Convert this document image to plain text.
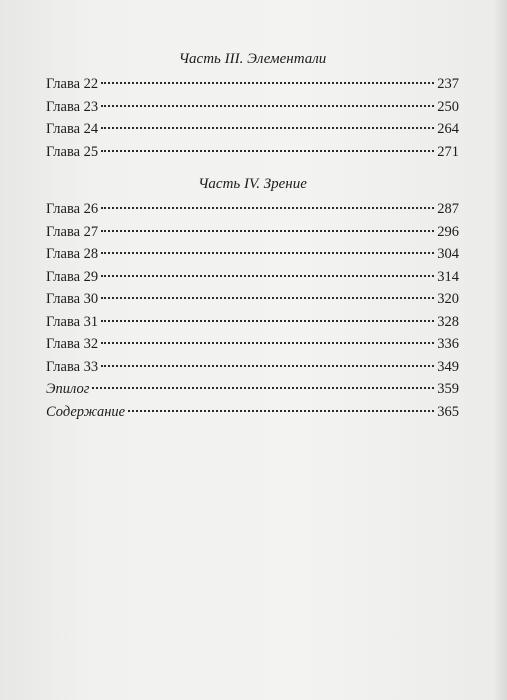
Часть III. Элементали
Глава 22	237
Глава 23	250
Глава 24	264
Глава 25	271
Часть IV. Зрение
Глава 26	287
Глава 27	296
Глава 28	304
Глава 29	314
Глава 30	320
Глава 31	328
Глава 32	336
Глава 33	349
Эпилог	359
Содержание	365
